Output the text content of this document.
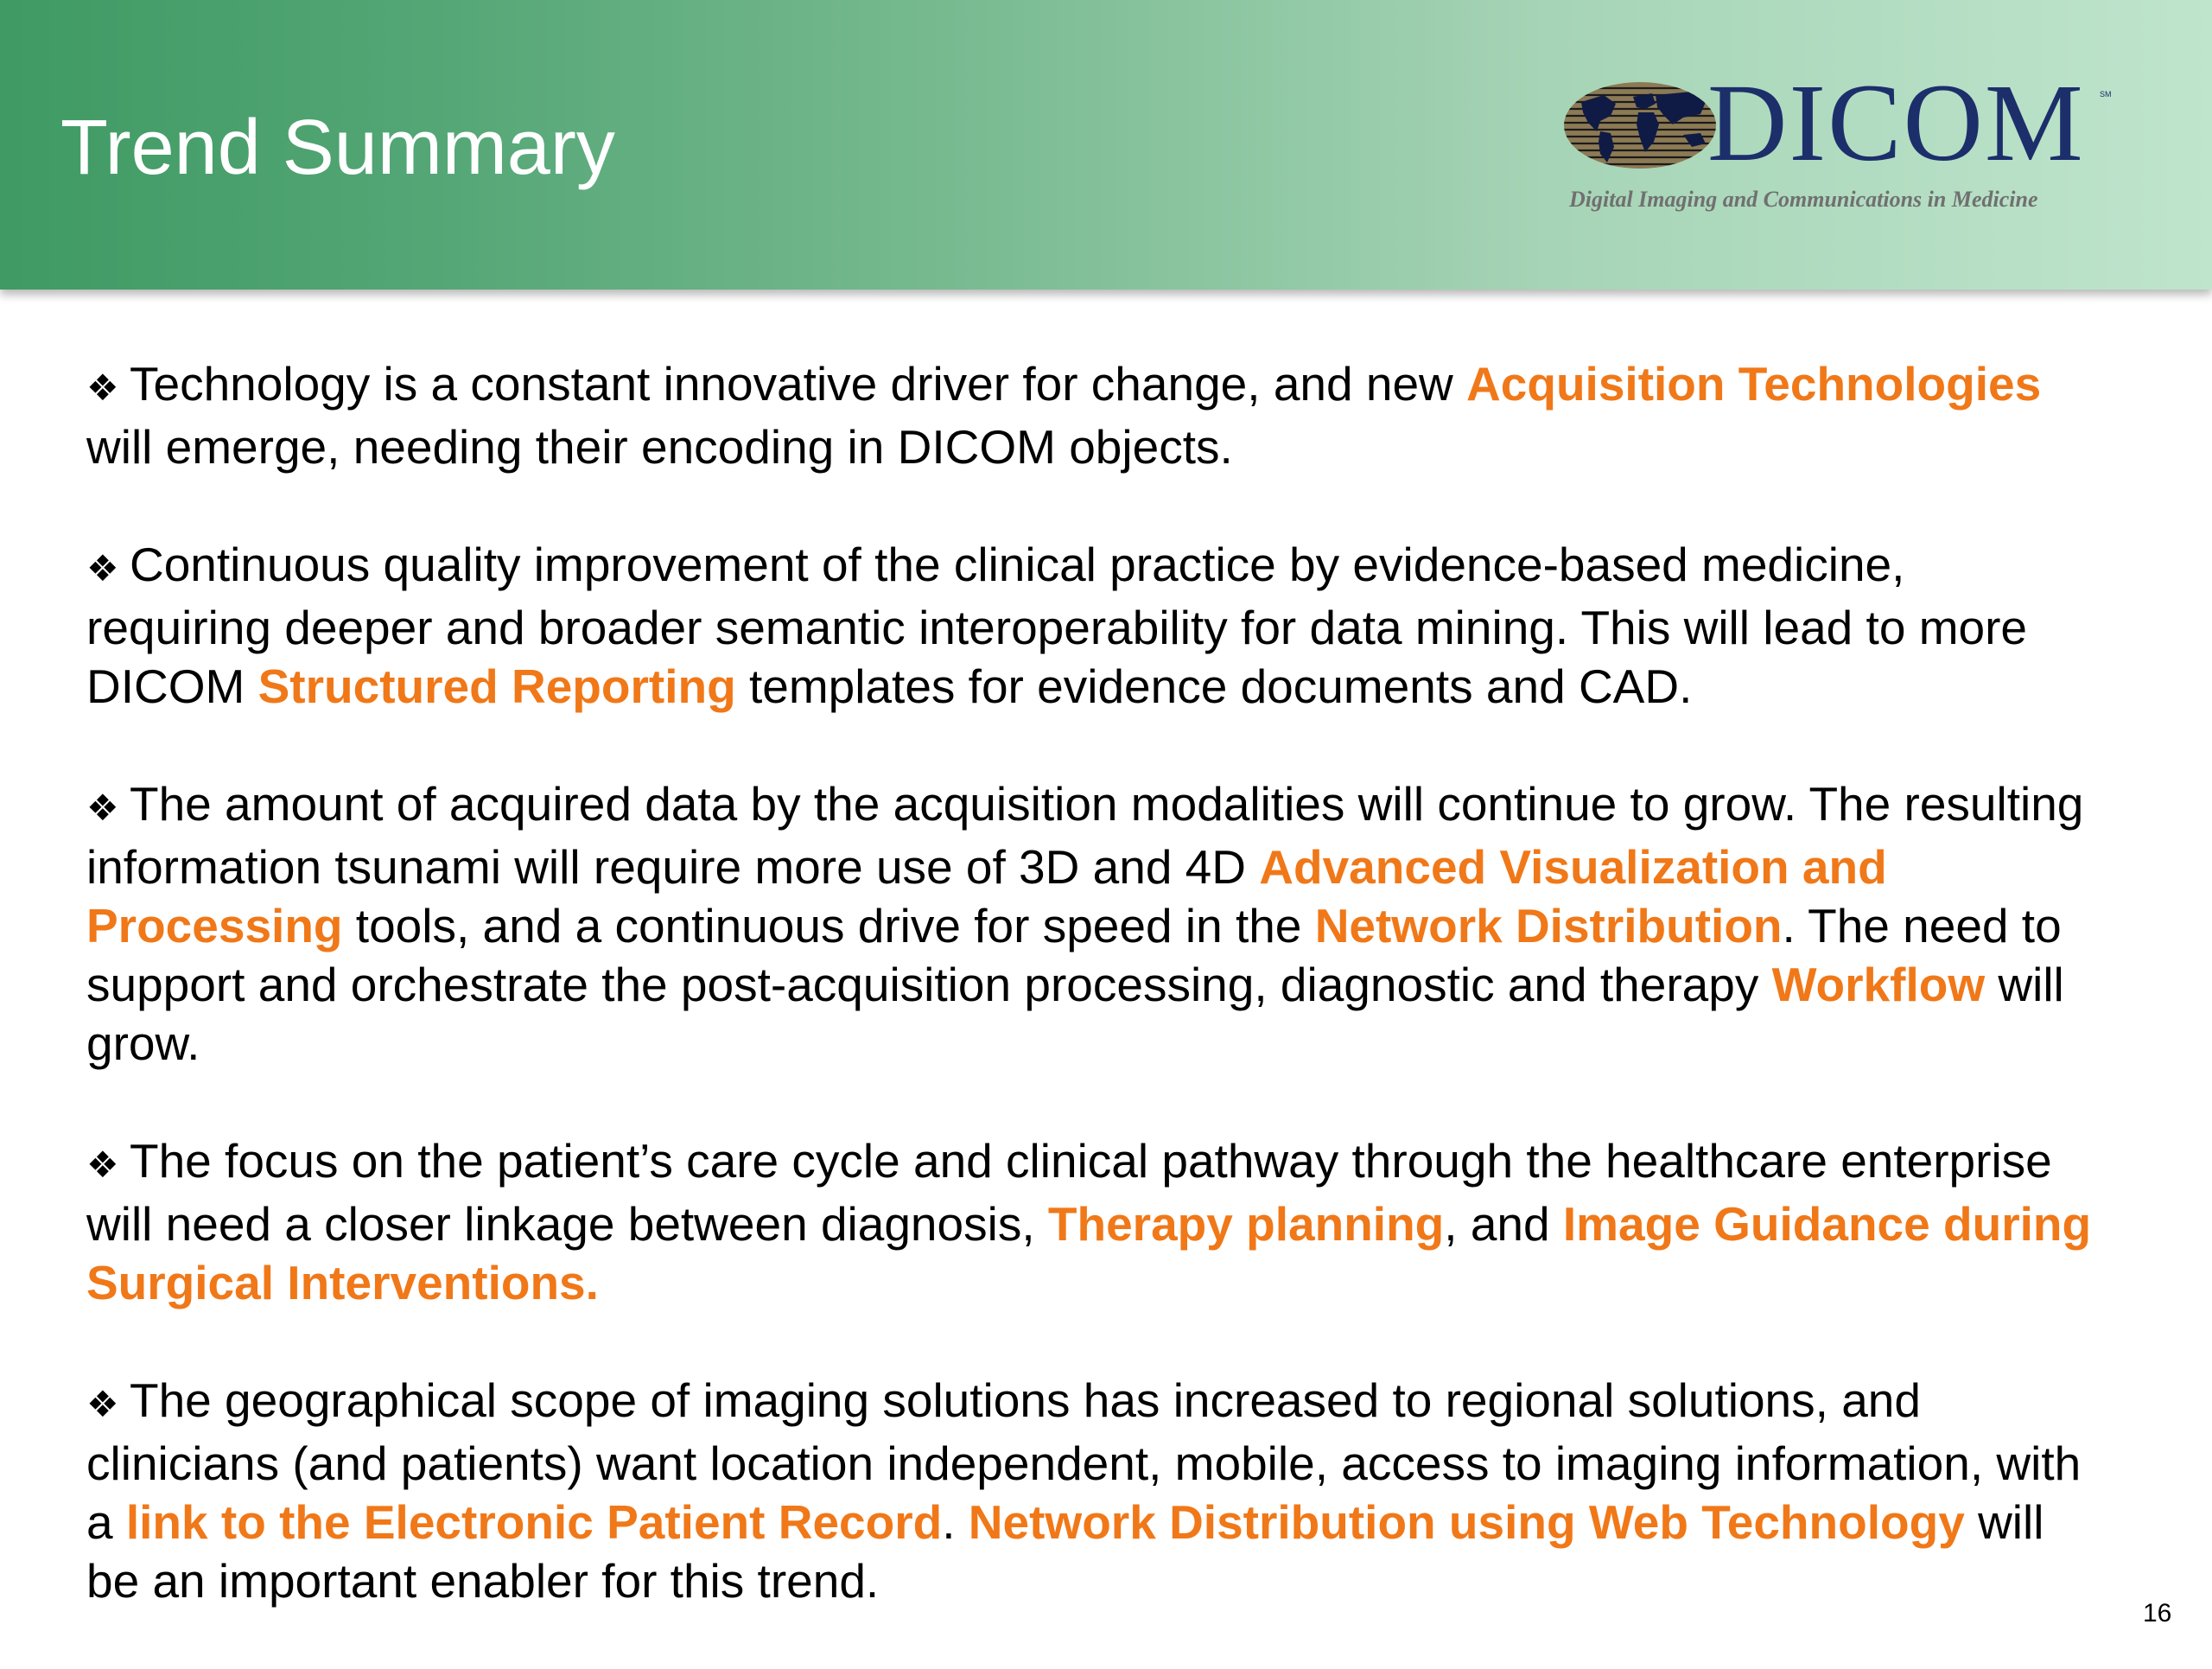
Trend Summary	DICOM SM
Digital Imaging and Communications in Medicine

❖ Technology is a constant innovative driver for change, and new Acquisition Technologies will emerge, needing their encoding in DICOM objects.

❖ Continuous quality improvement of the clinical practice by evidence-based medicine, requiring deeper and broader semantic interoperability for data mining. This will lead to more DICOM Structured Reporting templates for evidence documents and CAD.

❖ The amount of acquired data by the acquisition modalities will continue to grow. The resulting information tsunami will require more use of 3D and 4D Advanced Visualization and Processing tools, and a continuous drive for speed in the Network Distribution. The need to support and orchestrate the post-acquisition processing, diagnostic and therapy Workflow will grow.

❖ The focus on the patient’s care cycle and clinical pathway through the healthcare enterprise will need a closer linkage between diagnosis, Therapy planning, and Image Guidance during Surgical Interventions.

❖ The geographical scope of imaging solutions has increased to regional solutions, and clinicians (and patients) want location independent, mobile, access to imaging information, with a link to the Electronic Patient Record. Network Distribution using Web Technology will be an important enabler for this trend.

16
